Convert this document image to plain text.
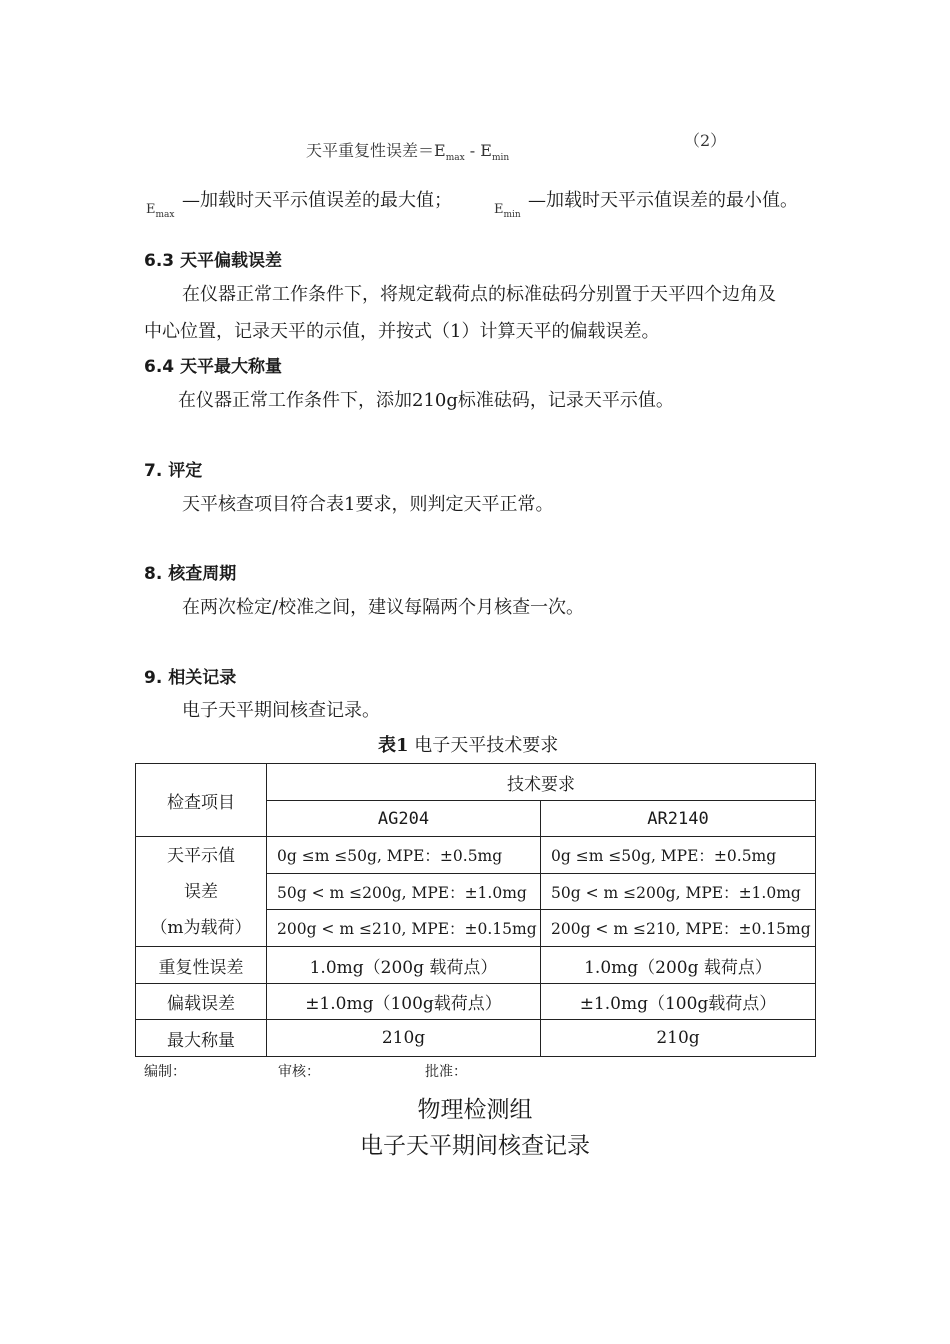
天平重复性误差$=E_{max} - E_{min}$
（2）
$E_{max}$
—加载时天平示值误差的最大值；	$E_{min}$
—加载时天平示值误差的最小值。
6.3 天平偏载误差
在仪器正常工作条件下，将规定载荷点的标准砝码分别置于天平四个边角及
中心位置，记录天平的示值，并按式（1）计算天平的偏载误差。
6.4 天平最大称量
在仪器正常工作条件下，添加210g标准砝码，记录天平示值。
7. 评定
天平核查项目符合表1要求，则判定天平正常。
8. 核查周期
在两次检定/校准之间，建议每隔两个月核查一次。
9. 相关记录
电子天平期间核查记录。
表1 电子天平技术要求
检查项目	技术要求	
	AG204	AR2140

天平示值
误差
（m为载荷）	0g ≤m ≤50g, MPE：±0.5mg	0g ≤m ≤50g, MPE：±0.5mg
	50g < m ≤200g, MPE：±1.0mg	50g < m ≤200g, MPE：±1.0mg
	200g < m ≤210, MPE：±0.15mg	200g < m ≤210, MPE：±0.15mg
重复性误差	1.0mg（200g 载荷点）	1.0mg（200g 载荷点）
偏载误差	±1.0mg（100g载荷点）	±1.0mg（100g载荷点）
最大称量	210g	210g
编制：	审核：	批准：
物理检测组
电子天平期间核查记录
